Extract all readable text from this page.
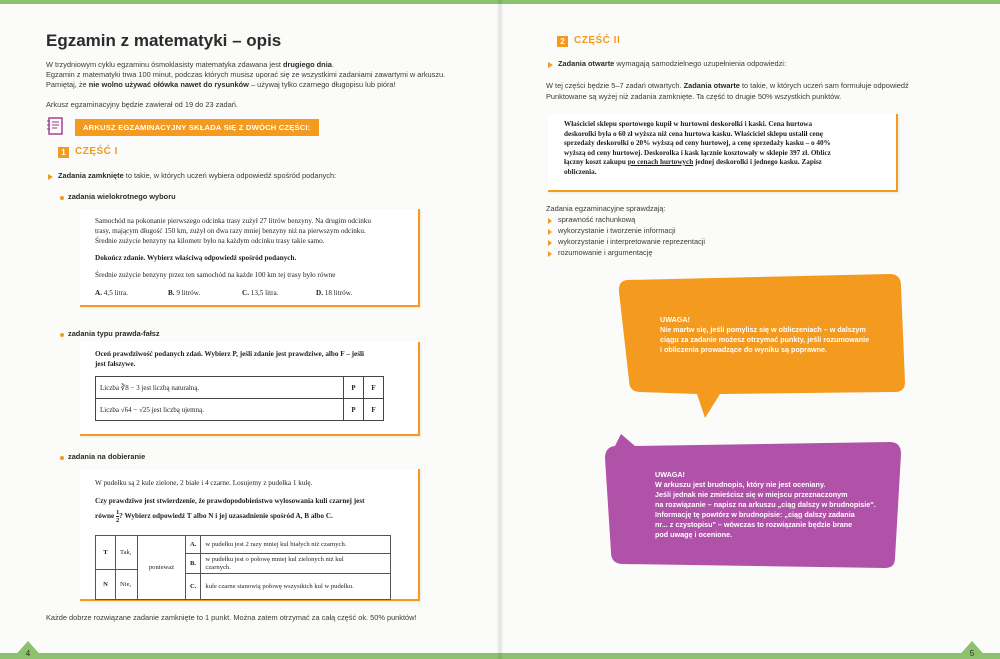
Egzamin z matematyki – opis
W trzydniowym cyklu egzaminu ósmoklasisty matematyka zdawana jest drugiego dnia.
Egzamin z matematyki trwa 100 minut, podczas których musisz uporać się ze wszystkimi zadaniami zawartymi w arkuszu.
Pamiętaj, że nie wolno używać ołówka nawet do rysunków – używaj tylko czarnego długopisu lub pióra!
Arkusz egzaminacyjny będzie zawierał od 19 do 23 zadań.
ARKUSZ EGZAMINACYJNY SKŁADA SIĘ Z DWÓCH CZĘŚCI:
1 CZĘŚĆ I
Zadania zamknięte to takie, w których uczeń wybiera odpowiedź spośród podanych:
zadania wielokrotnego wyboru
Samochód na pokonanie pierwszego odcinka trasy zużył 27 litrów benzyny. Na drugim odcinku
trasy, mającym długość 150 km, zużył on dwa razy mniej benzyny niż na pierwszym odcinku.
Średnie zużycie benzyny na kilometr było na każdym odcinku trasy takie samo.
Dokończ zdanie. Wybierz właściwą odpowiedź spośród podanych.
Średnie zużycie benzyny przez ten samochód na każde 100 km tej trasy było równe
A. 4,5 litra.	B. 9 litrów.	C. 13,5 litra.	D. 18 litrów.
zadania typu prawda-fałsz
Oceń prawdziwość podanych zdań. Wybierz P, jeśli zdanie jest prawdziwe, albo F – jeśli
jest fałszywe.
Liczba ∛8 − 3 jest liczbą naturalną.	P	F
Liczba √64 − √25 jest liczbą ujemną.	P	F
zadania na dobieranie
W pudełku są 2 kule zielone, 2 białe i 4 czarne. Losujemy z pudełka 1 kulę.
Czy prawdziwe jest stwierdzenie, że prawdopodobieństwo wylosowania kuli czarnej jest
równe $\frac{1}{2}$ ? Wybierz odpowiedź T albo N i jej uzasadnienie spośród A, B albo C.
T	Tak,	ponieważ	A.	w pudełku jest 2 razy mniej kul białych niż czarnych.

			B.	w pudełku jest o połowę mniej kul zielonych niż kul
czarnych.
N	Nie,			
			C.	kule czarne stanowią połowę wszystkich kul w pudełku.

Każde dobrze rozwiązane zadanie zamknięte to 1 punkt. Można zatem otrzymać za całą część ok. 50% punktów!
4
2 CZĘŚĆ II
Zadania otwarte wymagają samodzielnego uzupełnienia odpowiedzi:
W tej części będzie 5–7 zadań otwartych. Zadania otwarte to takie, w których uczeń sam formułuje odpowiedź
Punktowane są wyżej niż zadania zamknięte. Ta część to drugie 50% wszystkich punktów.
Właściciel sklepu sportowego kupił w hurtowni deskorolki i kaski. Cena hurtowa
deskorolki była o 60 zł wyższa niż cena hurtowa kasku. Właściciel sklepu ustalił cenę
sprzedaży deskorolki o 20% wyższą od ceny hurtowej, a cenę sprzedaży kasku – o 40%
wyższą od ceny hurtowej. Deskorolka i kask łącznie kosztowały w sklepie 397 zł. Oblicz
łączny koszt zakupu po cenach hurtowych jednej deskorolki i jednego kasku. Zapisz
obliczenia.
Zadania egzaminacyjne sprawdzają:
sprawność rachunkową
wykorzystanie i tworzenie informacji
wykorzystanie i interpretowanie reprezentacji
rozumowanie i argumentację
UWAGA!
Nie martw się, jeśli pomylisz się w obliczeniach – w dalszym
ciągu za zadanie możesz otrzymać punkty, jeśli rozumowanie
i obliczenia prowadzące do wyniku są poprawne.
UWAGA!
W arkuszu jest brudnopis, który nie jest oceniany.
Jeśli jednak nie zmieścisz się w miejscu przeznaczonym
na rozwiązanie – napisz na arkuszu „ciąg dalszy w brudnopisie".
Informację tę powtórz w brudnopisie: „ciąg dalszy zadania
nr... z czystopisu" – wówczas to rozwiązanie będzie brane
pod uwagę i ocenione.
5
